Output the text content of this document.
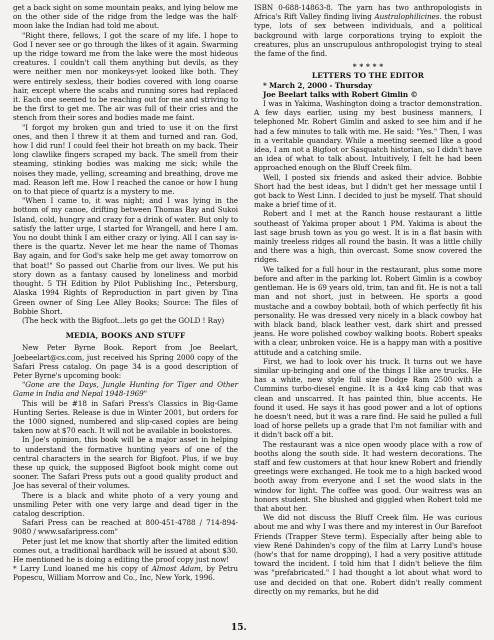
get a back sight on some mountain peaks, and lying below me on the other side of the ridge from the ledge was the half-moon lake the Indian had told me about.

"Right there, fellows, I got the scare of my life. I hope to God I never see or go through the likes of it again. Swarming up the ridge toward me from the lake were the most hideous creatures. I couldn't call them anything but devils, as they were neither men nor monkeys-yet looked like both. They were entirely sexless, their bodies covered with long coarse hair, except where the scabs and running sores had replaced it. Each one seemed to be reaching out for me and striving to be the first to get me. The air was full of their cries and the stench from their sores and bodies made me faint.

"I forgot my broken gun and tried to use it on the first ones, and then I threw it at them and turned and ran. God, how I did run! I could feel their hot breath on my back. Their long clawlike fingers scraped my back. The smell from their steaming, stinking bodies was making me sick; while the noises they made, yelling, screaming and breathing, drove me mad. Reason left me. How I reached the canoe or how I hung on to that piece of quartz is a mystery to me.

"When I came to, it was night; and I was lying in the bottom of my canoe, drifting between Thomas Bay and Sukoi Island, cold, hungry and crazy for a drink of water. But only to satisfy the latter urge, I started for Wrangell, and here I am. You no doubt think I am either crazy or lying. All I can say is- there is the quartz. Never let me hear the name of Thomas Bay again, and for God's sake help me get away tomorrow on that boat!" So passed out Charlie from our lives. We put his story down as a fantasy caused by loneliness and morbid thought. 5 TH Edition by Pilot Publishing Inc., Petersburg, Alaska 1994 Rights of Reproduction in part given by Tina Green owner of Sing Lee Alley Books; Source: The files of Bobbie Short.

(The heck with the Bigfoot...lets go get the GOLD ! Ray)

MEDIA, BOOKS AND STUFF

New Peter Byrne Book. Report from Joe Beelart, Joebeelart@cs.com, just received his Spring 2000 copy of the Safari Press catalog. On page 34 is a good description of Peter Byrne's upcoming book:

"Gone are the Days, Jungle Hunting for Tiger and Other Game in India and Nepal 1948-1969"

This will be #18 in Safari Press's Classics in Big-Game Hunting Series. Release is due in Winter 2001, but orders for the 1000 signed, numbered and slip-cased copies are being taken now at $70 each. It will not be available in bookstores.

In Joe's opinion, this book will be a major asset in helping to understand the formative hunting years of one of the central characters in the search for Bigfoot. Plus, if we buy these up quick, the supposed Bigfoot book might come out sooner. The Safari Press puts out a good quality product and Joe has several of their volumes.

There is a black and white photo of a very young and unsmiling Peter with one very large and dead tiger in the catalog description.

Safari Press can be reached at 800-451-4788 / 714-894-9080 / www.safaripress.com"

Peter just let me know that shortly after the limited edition comes out, a traditional hardback will be issued at about $30. He mentioned he is doing a editing the proof copy just now!

* Larry Lund loaned me his copy of Almost Adam, by Petru Popescu, William Morrow and Co., Inc, New York, 1996.

ISBN 0-688-14863-8. The yarn has two anthropologists in Africa's Rift Valley finding living Australophilicines. the robust type, lots of sex between individuals, and a political background with large corporations trying to exploit the creatures, plus an unscrupulous anthropologist trying to steal the fame of the find.

* * * * *
LETTERS TO THE EDITOR

* March 2, 2000 - Thursday

Joe Beelart talks with Robert Gimlin ©

I was in Yakima, Washington doing a tractor demonstration. A few days earlier, using my best business manners, I telephoned Mr. Robert Gimlin and asked to see him and if he had a few minutes to talk with me. He said: "Yes." Then, I was in a veritable quandary. While a meeting seemed like a good idea, I am not a Bigfoot or Sasquatch historian, so I didn't have an idea of what to talk about. Intuitively, I felt he had been approached enough on the Bluff Creek film.

Well, I posted six friends and asked their advice. Bobbie Short had the best ideas, but I didn't get her message until I got back to West Linn. I decided to just be myself. That should make a brief time of it.

Robert and I met at the Ranch house restaurant a little southeast of Yakima proper about 1 PM. Yakima is about the last sage brush town as you go west. It is in a flat basin with mainly treeless ridges all round the basin. It was a little chilly and there was a high, thin overcast. Some snow covered the ridges.

We talked for a full hour in the restaurant, plus some more before and after in the parking lot. Robert Gimlin is a cowboy gentleman. He is 69 years old, trim, tan and fit. He is not a tall man and not short, just in between. He sports a good mustache and a cowboy bobtail, both of which perfectly fit his personality. He was dressed very nicely in a black cowboy hat with black band, black leather vest, dark shirt and pressed jeans. He wore polished cowboy walking boots. Robert speaks with a clear, unbroken voice. He is a happy man with a positive attitude and a catching smile.

First, we had to look over his truck. It turns out we have similar up-bringing and one of the things I like are trucks. He has a white, new style full size Dodge Ram 2500 with a Cummins turbo-diesel engine. It is a 4x4 king cab that was clean and unscarred. It has painted thin, blue accents. He found it used. He says it has good power and a lot of options he doesn't need, but it was a rare find. He said he pulled a full load of horse pellets up a grade that I'm not familiar with and it didn't back off a bit.

The restaurant was a nice open woody place with a row of booths along the south side. It had western decorations. The staff and few customers at that hour knew Robert and friendly greetings were exchanged. He took me to a high backed wood booth away from everyone and I set the wood slats in the window for light. The coffee was good. Our waitress was an honors student. She blushed and giggled when Robert told me that about her.

We did not discuss the Bluff Creek film. He was curious about me and why I was there and my interest in Our Barefoot Friends (Trapper Steve term). Especially after being able to view René Dahinden's copy of the film at Larry Lund's house (how's that for name dropping), I had a very positive attitude toward the incident. I told him that I didn't believe the film was "prefabricated." I had thought a lot about what word to use and decided on that one. Robert didn't really comment directly on my remarks, but he did

15.
